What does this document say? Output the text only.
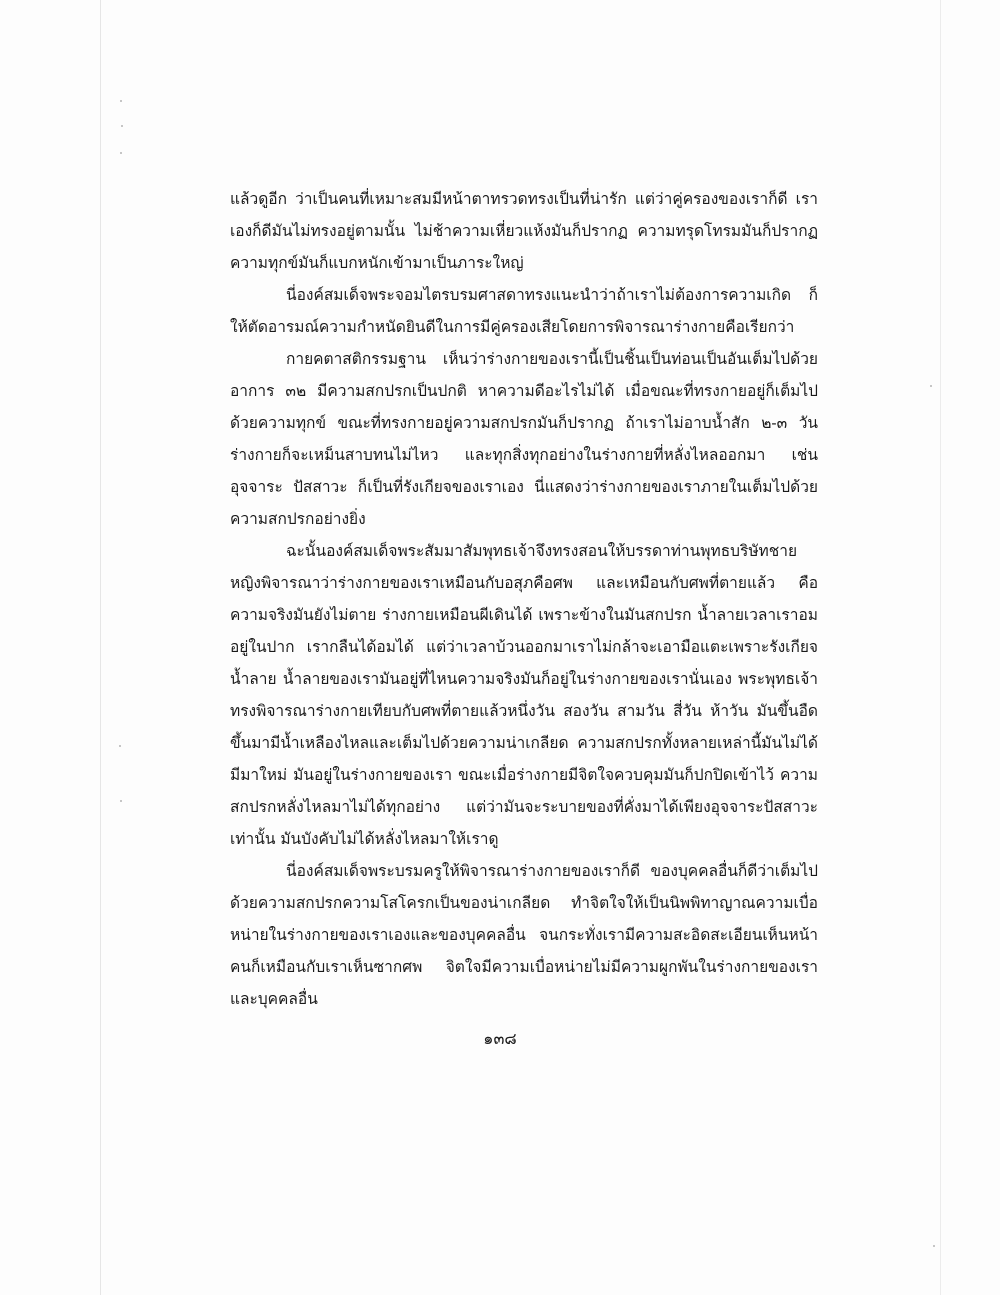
แล้วดูอีก ว่าเป็นคนที่เหมาะสมมีหน้าตาทรวดทรงเป็นที่น่ารัก แต่ว่าคู่ครองของเราก็ดี เราเองก็ดีมันไม่ทรงอยู่ตามนั้น ไม่ช้าความเหี่ยวแห้งมันก็ปรากฏ ความทรุดโทรมมันก็ปรากฏ ความทุกข์มันก็แบกหนักเข้ามาเป็นภาระใหญ่

นี่องค์สมเด็จพระจอมไตรบรมศาสดาทรงแนะนำว่าถ้าเราไม่ต้องการความเกิด ก็ให้ตัดอารมณ์ความกำหนัดยินดีในการมีคู่ครองเสียโดยการพิจารณาร่างกายคือเรียกว่า

กายคตาสติกรรมฐาน เห็นว่าร่างกายของเรานี้เป็นชิ้นเป็นท่อนเป็นอันเต็มไปด้วยอาการ ๓๒ มีความสกปรกเป็นปกติ หาความดีอะไรไม่ได้ เมื่อขณะที่ทรงกายอยู่ก็เต็มไปด้วยความทุกข์ ขณะที่ทรงกายอยู่ความสกปรกมันก็ปรากฏ ถ้าเราไม่อาบน้ำสัก ๒-๓ วัน ร่างกายก็จะเหม็นสาบทนไม่ไหว และทุกสิ่งทุกอย่างในร่างกายที่หลั่งไหลออกมา เช่น อุจจาระ ปัสสาวะ ก็เป็นที่รังเกียจของเราเอง นี่แสดงว่าร่างกายของเราภายในเต็มไปด้วยความสกปรกอย่างยิ่ง

ฉะนั้นองค์สมเด็จพระสัมมาสัมพุทธเจ้าจึงทรงสอนให้บรรดาท่านพุทธบริษัทชายหญิงพิจารณาว่าร่างกายของเราเหมือนกับอสุภคือศพ และเหมือนกับศพที่ตายแล้ว คือความจริงมันยังไม่ตาย ร่างกายเหมือนผีเดินได้ เพราะข้างในมันสกปรก น้ำลายเวลาเราอมอยู่ในปาก เรากลืนได้อมได้ แต่ว่าเวลาบ้วนออกมาเราไม่กล้าจะเอามือแตะเพราะรังเกียจน้ำลาย น้ำลายของเรามันอยู่ที่ไหนความจริงมันก็อยู่ในร่างกายของเรานั่นเอง พระพุทธเจ้าทรงพิจารณาร่างกายเทียบกับศพที่ตายแล้วหนึ่งวัน สองวัน สามวัน สี่วัน ห้าวัน มันขึ้นอืดขึ้นมามีน้ำเหลืองไหลและเต็มไปด้วยความน่าเกลียด ความสกปรกทั้งหลายเหล่านี้มันไม่ได้มีมาใหม่ มันอยู่ในร่างกายของเรา ขณะเมื่อร่างกายมีจิตใจควบคุมมันก็ปกปิดเข้าไว้ ความสกปรกหลั่งไหลมาไม่ได้ทุกอย่าง แต่ว่ามันจะระบายของที่คั่งมาได้เพียงอุจจาระปัสสาวะเท่านั้น มันบังคับไม่ได้หลั่งไหลมาให้เราดู

นี่องค์สมเด็จพระบรมครูให้พิจารณาร่างกายของเราก็ดี ของบุคคลอื่นก็ดีว่าเต็มไปด้วยความสกปรกความโสโครกเป็นของน่าเกลียด ทำจิตใจให้เป็นนิพพิทาญาณความเบื่อหน่ายในร่างกายของเราเองและของบุคคลอื่น จนกระทั่งเรามีความสะอิดสะเอียนเห็นหน้าคนก็เหมือนกับเราเห็นซากศพ จิตใจมีความเบื่อหน่ายไม่มีความผูกพันในร่างกายของเราและบุคคลอื่น

๑๓๘
